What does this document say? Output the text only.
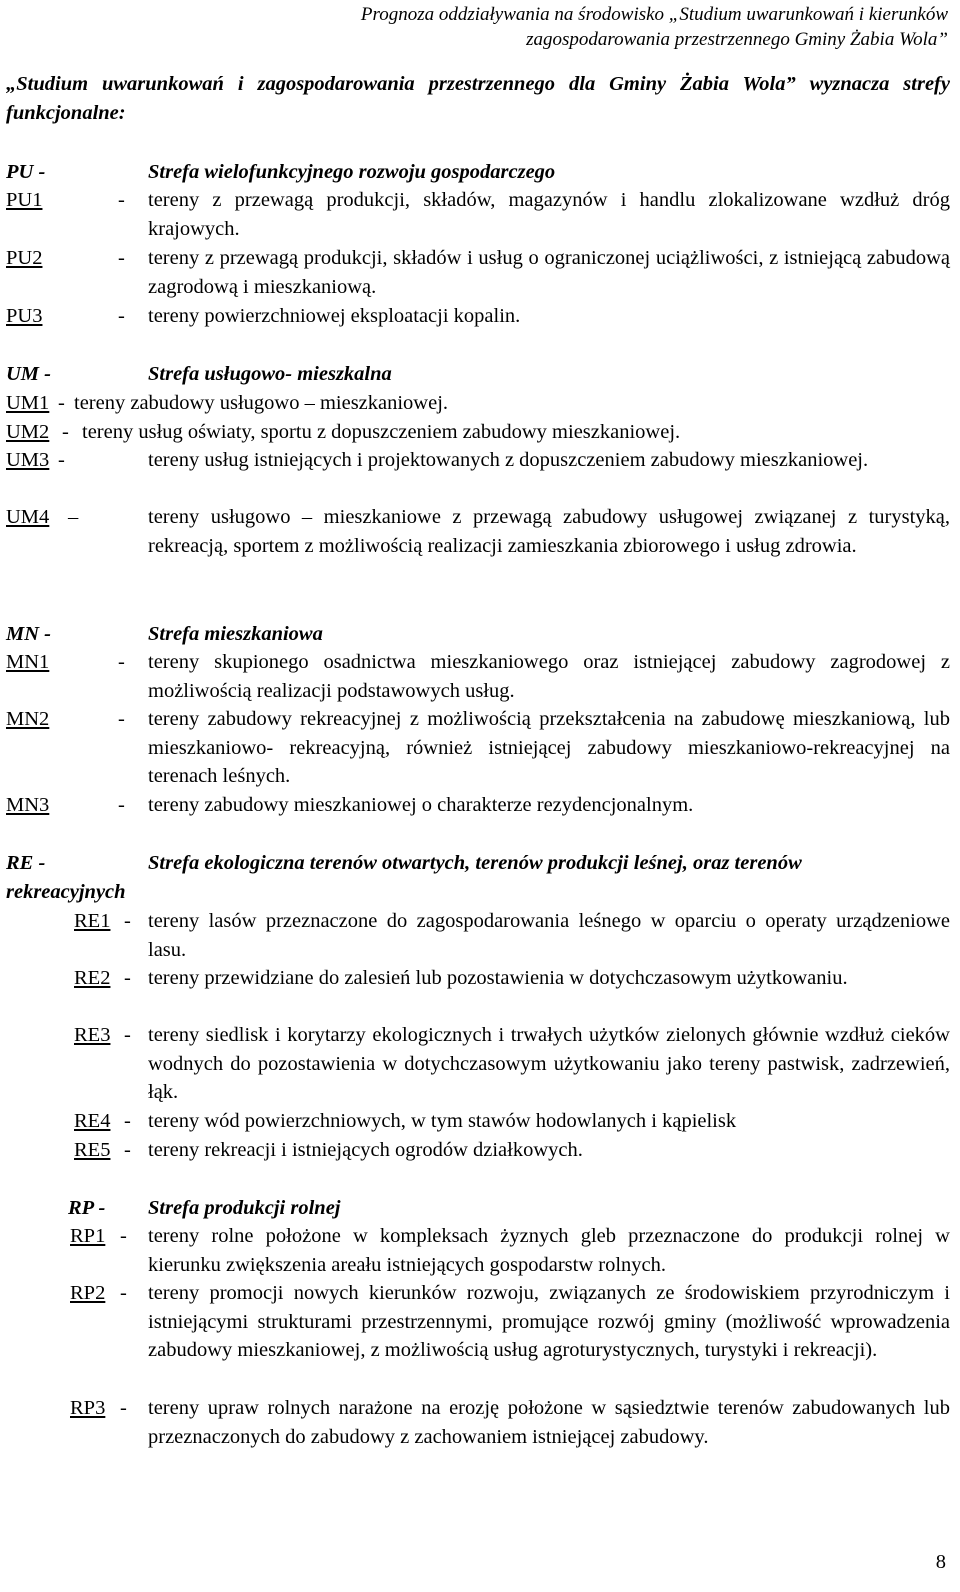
Prognoza oddziaływania na środowisko „Studium uwarunkowań i kierunków
zagospodarowania przestrzennego Gminy Żabia Wola”
„Studium uwarunkowań i zagospodarowania przestrzennego dla Gminy Żabia Wola” wyznacza strefy funkcjonalne:
PU -	Strefa wielofunkcyjnego rozwoju gospodarczego
PU1	- tereny z przewagą produkcji, składów, magazynów i handlu zlokalizowane wzdłuż dróg krajowych.
PU2	- tereny z przewagą produkcji, składów i usług o ograniczonej uciążliwości, z istniejącą zabudową zagrodową i mieszkaniową.
PU3	- tereny powierzchniowej eksploatacji kopalin.
UM -	Strefa usługowo- mieszkalna
UM1 - tereny zabudowy usługowo – mieszkaniowej.
UM2 - tereny usług oświaty, sportu z dopuszczeniem zabudowy mieszkaniowej.
UM3 -	tereny usług istniejących i projektowanych z dopuszczeniem zabudowy mieszkaniowej.
UM4 –	tereny usługowo – mieszkaniowe z przewagą zabudowy usługowej związanej z turystyką, rekreacją, sportem z możliwością realizacji zamieszkania zbiorowego i usług zdrowia.
MN -	Strefa mieszkaniowa
MN1	- tereny skupionego osadnictwa mieszkaniowego oraz istniejącej zabudowy zagrodowej z możliwością realizacji podstawowych usług.
MN2	- tereny zabudowy rekreacyjnej z możliwością przekształcenia na zabudowę mieszkaniową, lub mieszkaniowo- rekreacyjną, również istniejącej zabudowy mieszkaniowo-rekreacyjnej na terenach leśnych.
MN3	- tereny zabudowy mieszkaniowej o charakterze rezydencjonalnym.
RE -	Strefa ekologiczna terenów otwartych, terenów produkcji leśnej, oraz terenów
rekreacyjnych
RE1 - tereny lasów przeznaczone do zagospodarowania leśnego w oparciu o operaty urządzeniowe lasu.
RE2 - tereny przewidziane do zalesień lub pozostawienia w dotychczasowym użytkowaniu.
RE3 - tereny siedlisk i korytarzy ekologicznych i trwałych użytków zielonych głównie wzdłuż cieków wodnych do pozostawienia w dotychczasowym użytkowaniu jako tereny pastwisk, zadrzewień, łąk.
RE4 - tereny wód powierzchniowych, w tym stawów hodowlanych i kąpielisk
RE5 - tereny rekreacji i istniejących ogrodów działkowych.
RP - Strefa produkcji rolnej
RP1 - tereny rolne położone w kompleksach żyznych gleb przeznaczone do produkcji rolnej w kierunku zwiększenia areału istniejących gospodarstw rolnych.
RP2 - tereny promocji nowych kierunków rozwoju, związanych ze środowiskiem przyrodniczym i istniejącymi strukturami przestrzennymi, promujące rozwój gminy (możliwość wprowadzenia zabudowy mieszkaniowej, z możliwością usług agroturystycznych, turystyki i rekreacji).
RP3 - tereny upraw rolnych narażone na erozję położone w sąsiedztwie terenów zabudowanych lub przeznaczonych do zabudowy z zachowaniem istniejącej zabudowy.
8
